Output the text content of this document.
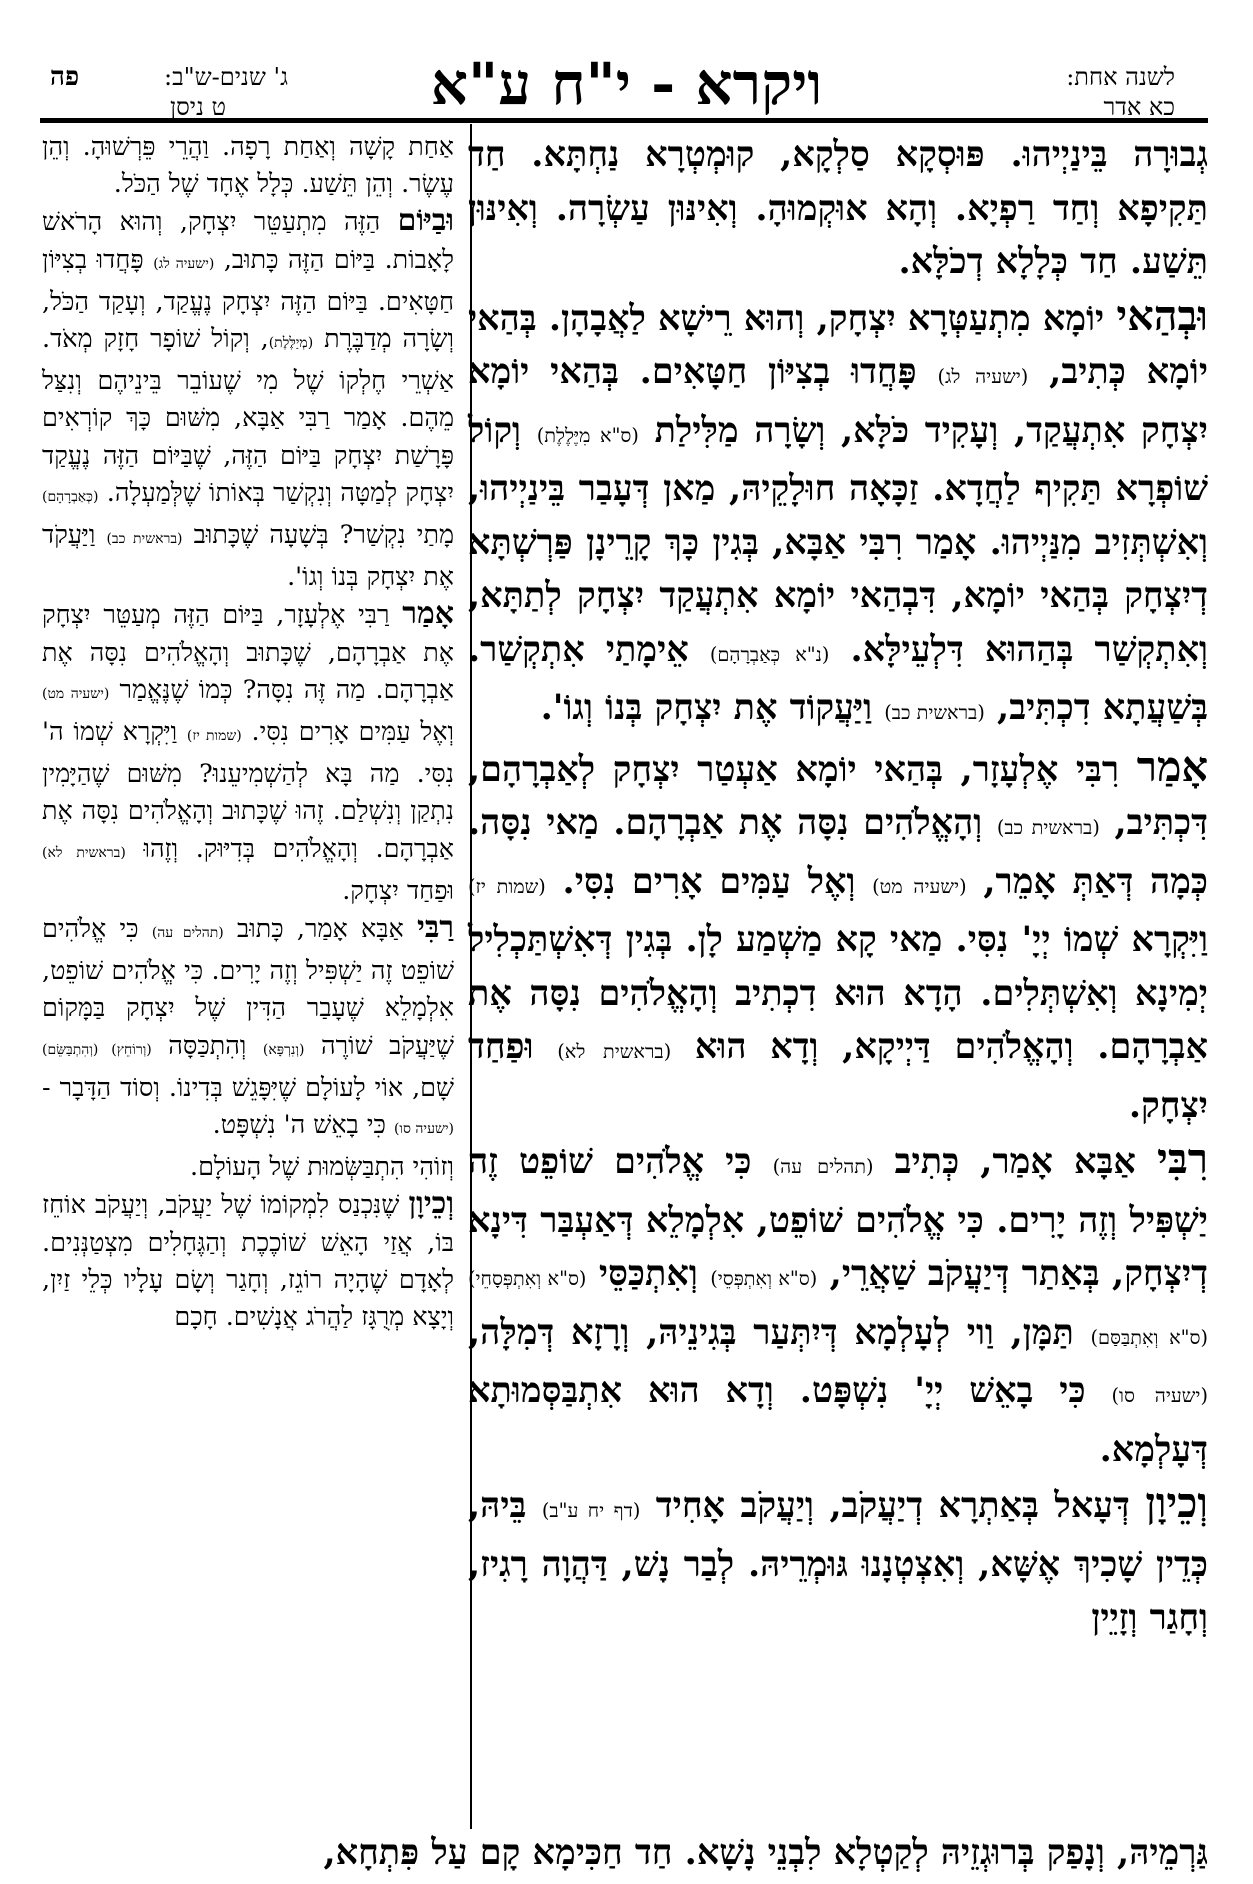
לשנה אחת:
כא אדר
ויקרא - י"ח ע"א
ג' שנים-ש"ב:
ט ניסן
פה

גְבוּרָה בֵּינַיְיהוּ. פּוּסְקָא סַלְקָא, קוּמְטְרָא נַחְתָּא. חַד תַּקִיפָא וְחַד רַפְיָא. וְהָא אוּקְמוּהָ. וְאִינּוּן עַשְׂרָה. וְאִינּוּן תֵּשַׁע. חַד כְּלָלָא דְכֹלָּא.

וּבְהַאי יוֹמָא מִתְעַטְּרָא יִצְחָק, וְהוּא רֵישָׁא לַאֲבָהָן. בְּהַאי יוֹמָא כְּתִיב, (ישעיה לג) פָּחֲדוּ בְצִיּוֹן חַטָּאִים. בְּהַאי יוֹמָא יִצְחָק אִתְעֲקַד, וְעָקִיד כֹּלָּא, וְשָׂרָה מַלִּילַת (ס"א מִיֶּלֶלֶת) וְקוֹל שׁוֹפְרָא תַּקִיף לַחֲדָא. זַכָּאָה חוּלָקֵיהּ, מַאן דְּעָבַר בֵּינַיְיהוּ, וְאִשְׁתְּזִיב מִנַּיְיהוּ. אָמַר רִבִּי אַבָּא, בְּגִין כָּךְ קָרֵינָן פַּרְשְׁתָּא דְיִצְחָק בְּהַאי יוֹמָא, דִּבְהַאי יוֹמָא אִתְעֲקַד יִצְחָק לְתַתָּא, וְאִתְקְשַׁר בְּהַהוּא דִּלְעֵילָּא. (נ"א כְּאַבְרָהָם) אֵימָתַי אִתְקְשַׁר. בְּשַׁעֲתָא דִכְתִּיב, (בראשית כב) וַיַּעֲקוֹד אֶת יִצְחָק בְּנוֹ וְגוֹ'.

אָמַר רִבִּי אֶלְעָזָר, בְּהַאי יוֹמָא אַעְטַר יִצְחָק לְאַבְרָהָם, דִּכְתִּיב, (בראשית כב) וְהָאֱלֹהִים נִסָּה אֶת אַבְרָהָם. מַאי נִסָּה. כְּמָה דְּאַתְּ אָמֵר, (ישעיה מט) וְאֶל עַמִּים אָרִים נִסִּי. (שמות יז) וַיִּקְרָא שְׁמוֹ יְיָ' נִסִּי. מַאי קָא מַשְׁמַע לָן. בְּגִין דְּאִשְׁתַּכְלִיל יְמִינָא וְאִשְׁתְּלִים. הָדָא הוּא דִכְתִיב וְהָאֱלֹהִים נִסָּה אֶת אַבְרָהָם. וְהָאֱלֹהִים דַּיְיקָא, וְדָא הוּא (בראשית לא) וּפַחַד יִצְחָק.

רִבִּי אַבָּא אָמַר, כְּתִיב (תהלים עה) כִּי אֱלֹהִים שׁוֹפֵט זֶה יַשְׁפִּיל וְזֶה יָרִים. כִּי אֱלֹהִים שׁוֹפֵט, אִלְמָלֵא דְּאַעְבַּר דִּינָא דְיִצְחָק, בְּאַתַר דְּיַעֲקֹב שַׁאֲרֵי, (ס"א וְאִתְפְּסֵי) וְאִתְכַּסֵּי (ס"א וְאִתְפְּסָחֵי) (ס"א וְאִתְבַּסַּם) תַּמָּן, וַוי לְעָלְמָא דְּיִתְּעַר בְּגִינֵיהּ, וְרָזָא דְּמִלָּה, (ישעיה סו) כִּי בָאֵשׁ יְיָ' נִשְׁפָּט. וְדָא הוּא אִתְבַּסְּמוּתָא דְּעָלְמָא.

וְכֵיוָן דְּעָאל בְּאַתְרָא דְיַעֲקֹב, וְיַעֲקֹב אָחִיד (דף יח ע"ב) בֵּיהּ, כְּדֵין שָׁכִיךְ אֶשָּׁא, וְאִצְטְנָנוּ גּוּמְרֵיהּ. לְבַר נָשׁ, דַּהֲוָה רָגִיז, וְחָגַר וְזָיֵין

אַחַת קָשָׁה וְאַחַת רָפָה. וַהֲרֵי פֵּרְשׁוּהָ. וְהֵן עֶשֶׂר. וְהֵן תֵּשַׁע. כְּלָל אֶחָד שֶׁל הַכֹּל.

וּבַיּוֹם הַזֶּה מִתְעַטֵּר יִצְחָק, וְהוּא הָרֹאשׁ לָאָבוֹת. בַּיּוֹם הַזֶּה כָּתוּב, (ישעיה לג) פָּחֲדוּ בְצִיּוֹן חַטָּאִים. בַּיּוֹם הַזֶּה יִצְחָק נֶעֱקַד, וְעָקַד הַכֹּל, וְשָׂרָה מְדַבֶּרֶת (מְיַלֶּלֶת), וְקוֹל שׁוֹפָר חָזָק מְאֹד. אַשְׁרֵי חֶלְקוֹ שֶׁל מִי שֶׁעוֹבֵר בֵּינֵיהֶם וְנִצַּל מֵהֶם. אָמַר רַבִּי אַבָּא, מִשּׁוּם כָּךְ קוֹרְאִים פָּרָשַׁת יִצְחָק בַּיּוֹם הַזֶּה, שֶׁבַּיּוֹם הַזֶּה נֶעֱקַד יִצְחָק לְמַטָּה וְנִקְשַׁר בְּאוֹתוֹ שֶׁלְּמַעְלָה. (כְּאַבְרָהָם) מָתַי נִקְשַׁר? בְּשָׁעָה שֶׁכָּתוּב (בראשית כב) וַיַּעֲקֹד אֶת יִצְחָק בְּנוֹ וְגוֹ'.

אָמַר רַבִּי אֶלְעָזָר, בַּיּוֹם הַזֶּה מְעַטֵּר יִצְחָק אֶת אַבְרָהָם, שֶׁכָּתוּב וְהָאֱלֹהִים נִסָּה אֶת אַבְרָהָם. מַה זֶּה נִסָּה? כְּמוֹ שֶׁנֶּאֱמַר (ישעיה מט) וְאֶל עַמִּים אָרִים נִסִּי. (שמות יז) וַיִּקְרָא שְׁמוֹ ה' נִסִּי. מַה בָּא לְהַשְׁמִיעֵנוּ? מִשּׁוּם שֶׁהַיָּמִין נִתְקַן וְנִשְׁלַם. זֶהוּ שֶׁכָּתוּב וְהָאֱלֹהִים נִסָּה אֶת אַבְרָהָם. וְהָאֱלֹהִים בְּדִיּוּק. וְזֶהוּ (בראשית לא) וּפַחַד יִצְחָק.

רַבִּי אַבָּא אָמַר, כָּתוּב (תהלים עה) כִּי אֱלֹהִים שׁוֹפֵט זֶה יַשְׁפִּיל וְזֶה יָרִים. כִּי אֱלֹהִים שׁוֹפֵט, אִלְמָלֵא שֶׁעָבַר הַדִּין שֶׁל יִצְחָק בַּמָּקוֹם שֶׁיַּעֲקֹב שׁוֹרֶה (וְנִרְפָּא) וְהִתְכַּסָּה (וְרוֹחֵץ) (וְהִתְבַּשֵּׂם) שָׁם, אוֹי לָעוֹלָם שֶׁיִּפָּגֵשׁ בְּדִינוֹ. וְסוֹד הַדָּבָר - (ישעיה סו) כִּי בָאֵשׁ ה' נִשְׁפָּט.

וְזוֹהִי הִתְבַּשְּׂמוּת שֶׁל הָעוֹלָם.

וְכֵיוָן שֶׁנִּכְנַס לִמְקוֹמוֹ שֶׁל יַעֲקֹב, וְיַעֲקֹב אוֹחֵז בּוֹ, אֲזַי הָאֵשׁ שׁוֹכֶכֶת וְהַגֶּחָלִים מִצְטַנְּנִים. לְאָדָם שֶׁהָיָה רוֹגֵז, וְחָגַר וְשָׂם עָלָיו כְּלֵי זַיִן, וְיָצָא מְרֻגָּז לַהֲרֹג אֲנָשִׁים. חָכָם

גַּרְמֵיהּ, וְנָפַק בְּרוּגְזֵיהּ לְקַטְלָא לִבְנֵי נָשָׁא. חַד חַכִּימָא קָם עַל פִּתְחָא,
